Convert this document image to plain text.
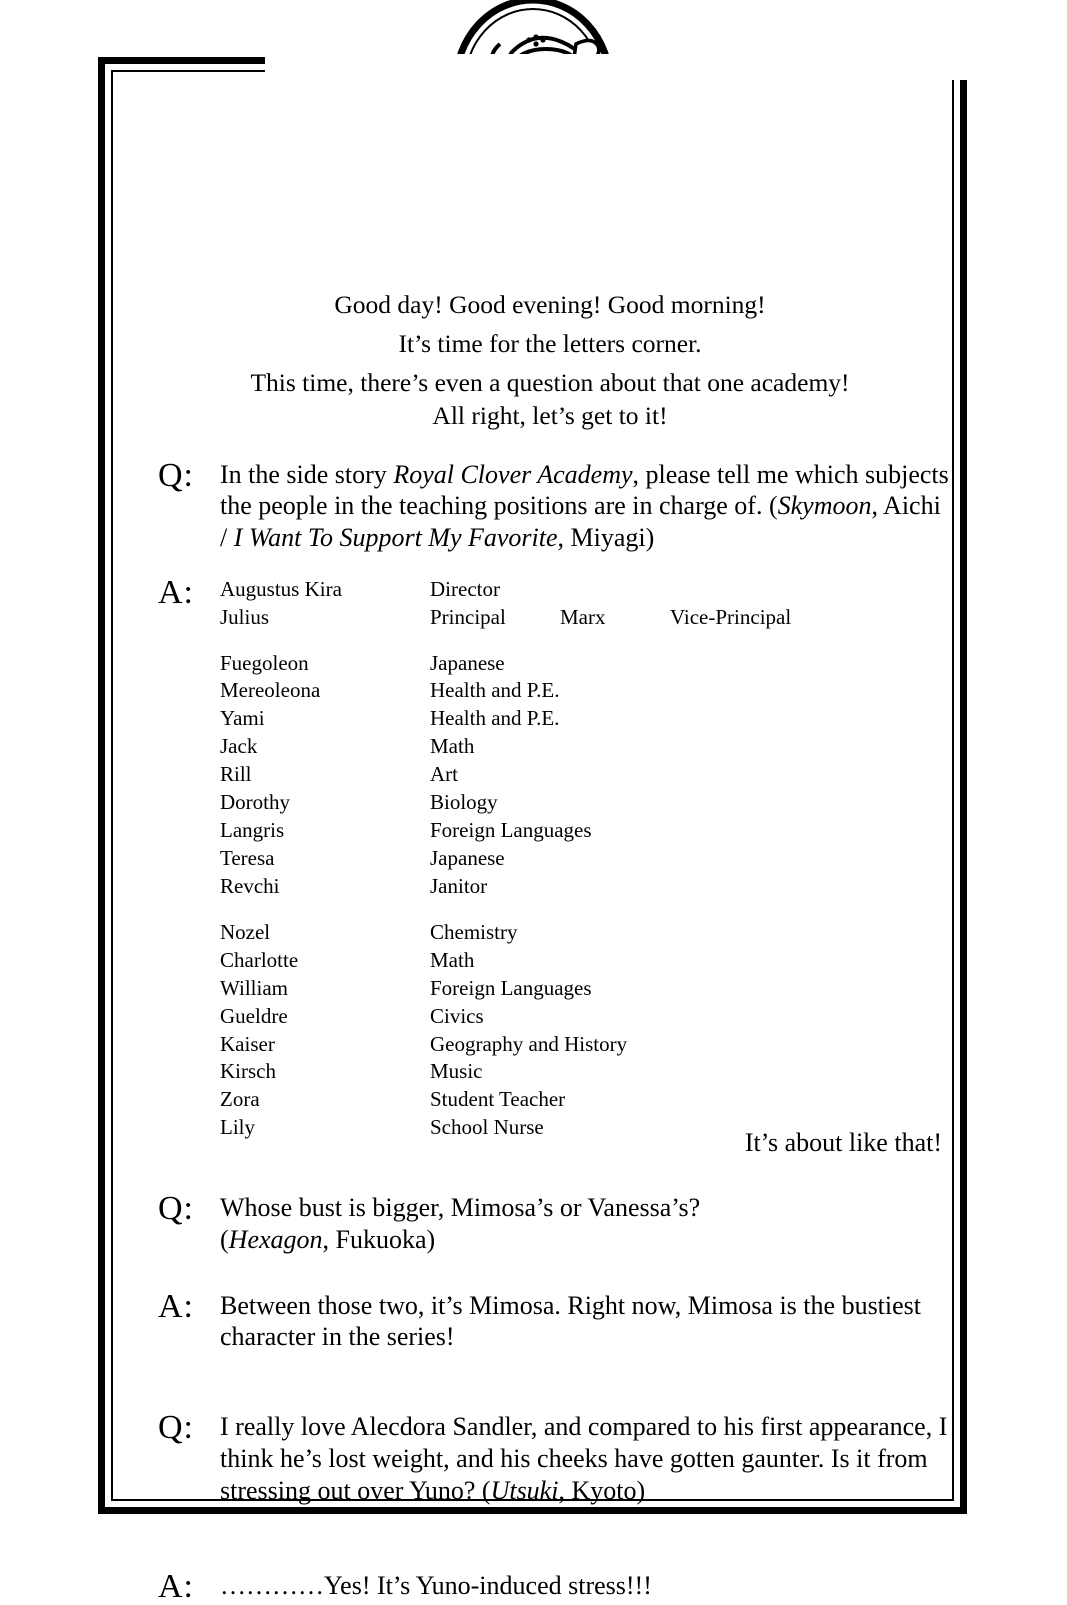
Good day! Good evening! Good morning!
It’s time for the letters corner.
This time, there’s even a question about that one academy!
All right, let’s get to it!
Q:	In the side story Royal Clover Academy, please tell me which subjects the people in the teaching positions are in charge of. (Skymoon, Aichi / I Want To Support My Favorite, Miyagi)
A:	Augustus Kira	Director
Julius	Principal	Marx	Vice-Principal
Fuegoleon	Japanese
Mereoleona	Health and P.E.
Yami	Health and P.E.
Jack	Math
Rill	Art
Dorothy	Biology
Langris	Foreign Languages
Teresa	Japanese
Revchi	Janitor
Nozel	Chemistry
Charlotte	Math
William	Foreign Languages
Gueldre	Civics
Kaiser	Geography and History
Kirsch	Music
Zora	Student Teacher
Lily	School Nurse
It’s about like that!
Q:	Whose bust is bigger, Mimosa’s or Vanessa’s?
(Hexagon, Fukuoka)
A:	Between those two, it’s Mimosa. Right now, Mimosa is the bustiest character in the series!
Q:	I really love Alecdora Sandler, and compared to his first appearance, I think he’s lost weight, and his cheeks have gotten gaunter. Is it from stressing out over Yuno? (Utsuki, Kyoto)
A:	…………Yes! It’s Yuno-induced stress!!!
